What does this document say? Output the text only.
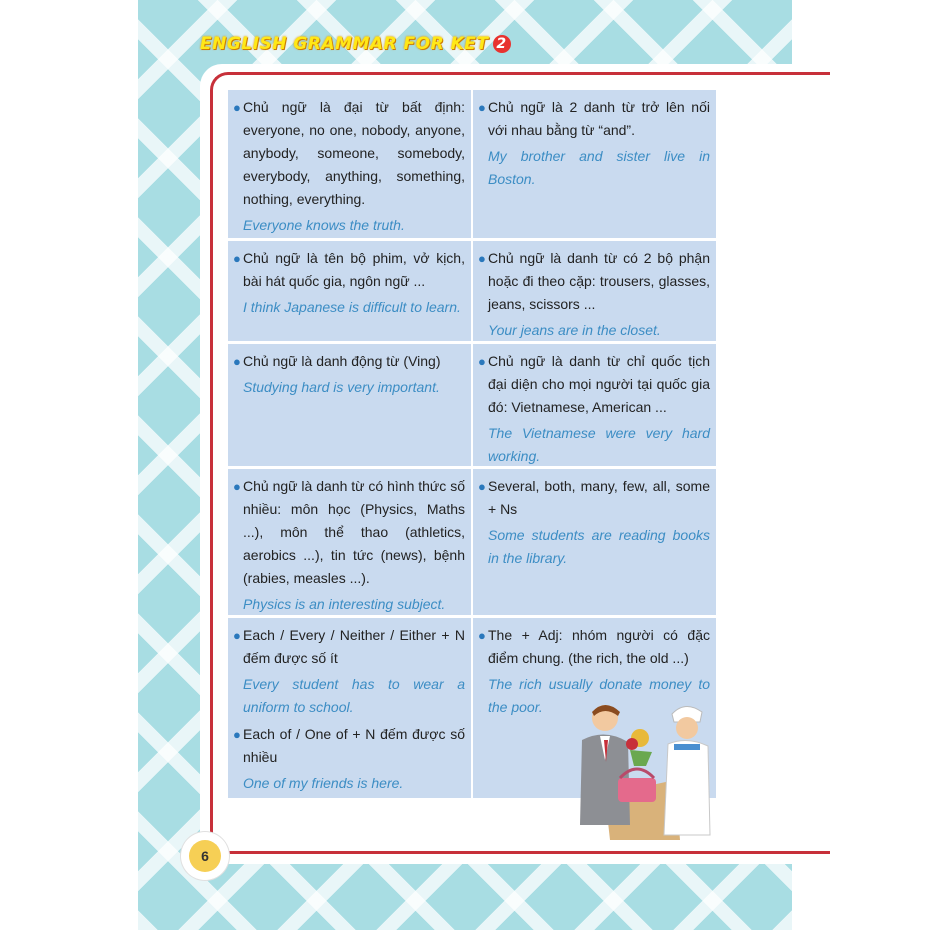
ENGLISH GRAMMAR FOR KET 2
● Chủ ngữ là đại từ bất định: everyone, no one, nobody, anyone, anybody, someone, somebody, everybody, anything, something, nothing, everything.
Everyone knows the truth.
● Chủ ngữ là 2 danh từ trở lên nối với nhau bằng từ “and”.
My brother and sister live in Boston.
● Chủ ngữ là tên bộ phim, vở kịch, bài hát quốc gia, ngôn ngữ ...
I think Japanese is difficult to learn.
● Chủ ngữ là danh từ có 2 bộ phận hoặc đi theo cặp: trousers, glasses, jeans, scissors ...
Your jeans are in the closet.
● Chủ ngữ là danh động từ (Ving)
Studying hard is very important.
● Chủ ngữ là danh từ chỉ quốc tịch đại diện cho mọi người tại quốc gia đó: Vietnamese, American ...
The Vietnamese were very hard working.
● Chủ ngữ là danh từ có hình thức số nhiều: môn học (Physics, Maths ...), môn thể thao (athletics, aerobics ...), tin tức (news), bệnh (rabies, measles ...).
Physics is an interesting subject.
● Several, both, many, few, all, some + Ns
Some students are reading books in the library.
● Each / Every / Neither / Either + N đếm được số ít
Every student has to wear a uniform to school.
● Each of / One of + N đếm được số nhiều
One of my friends is here.
● The + Adj: nhóm người có đặc điểm chung. (the rich, the old ...)
The rich usually donate money to the poor.
6
